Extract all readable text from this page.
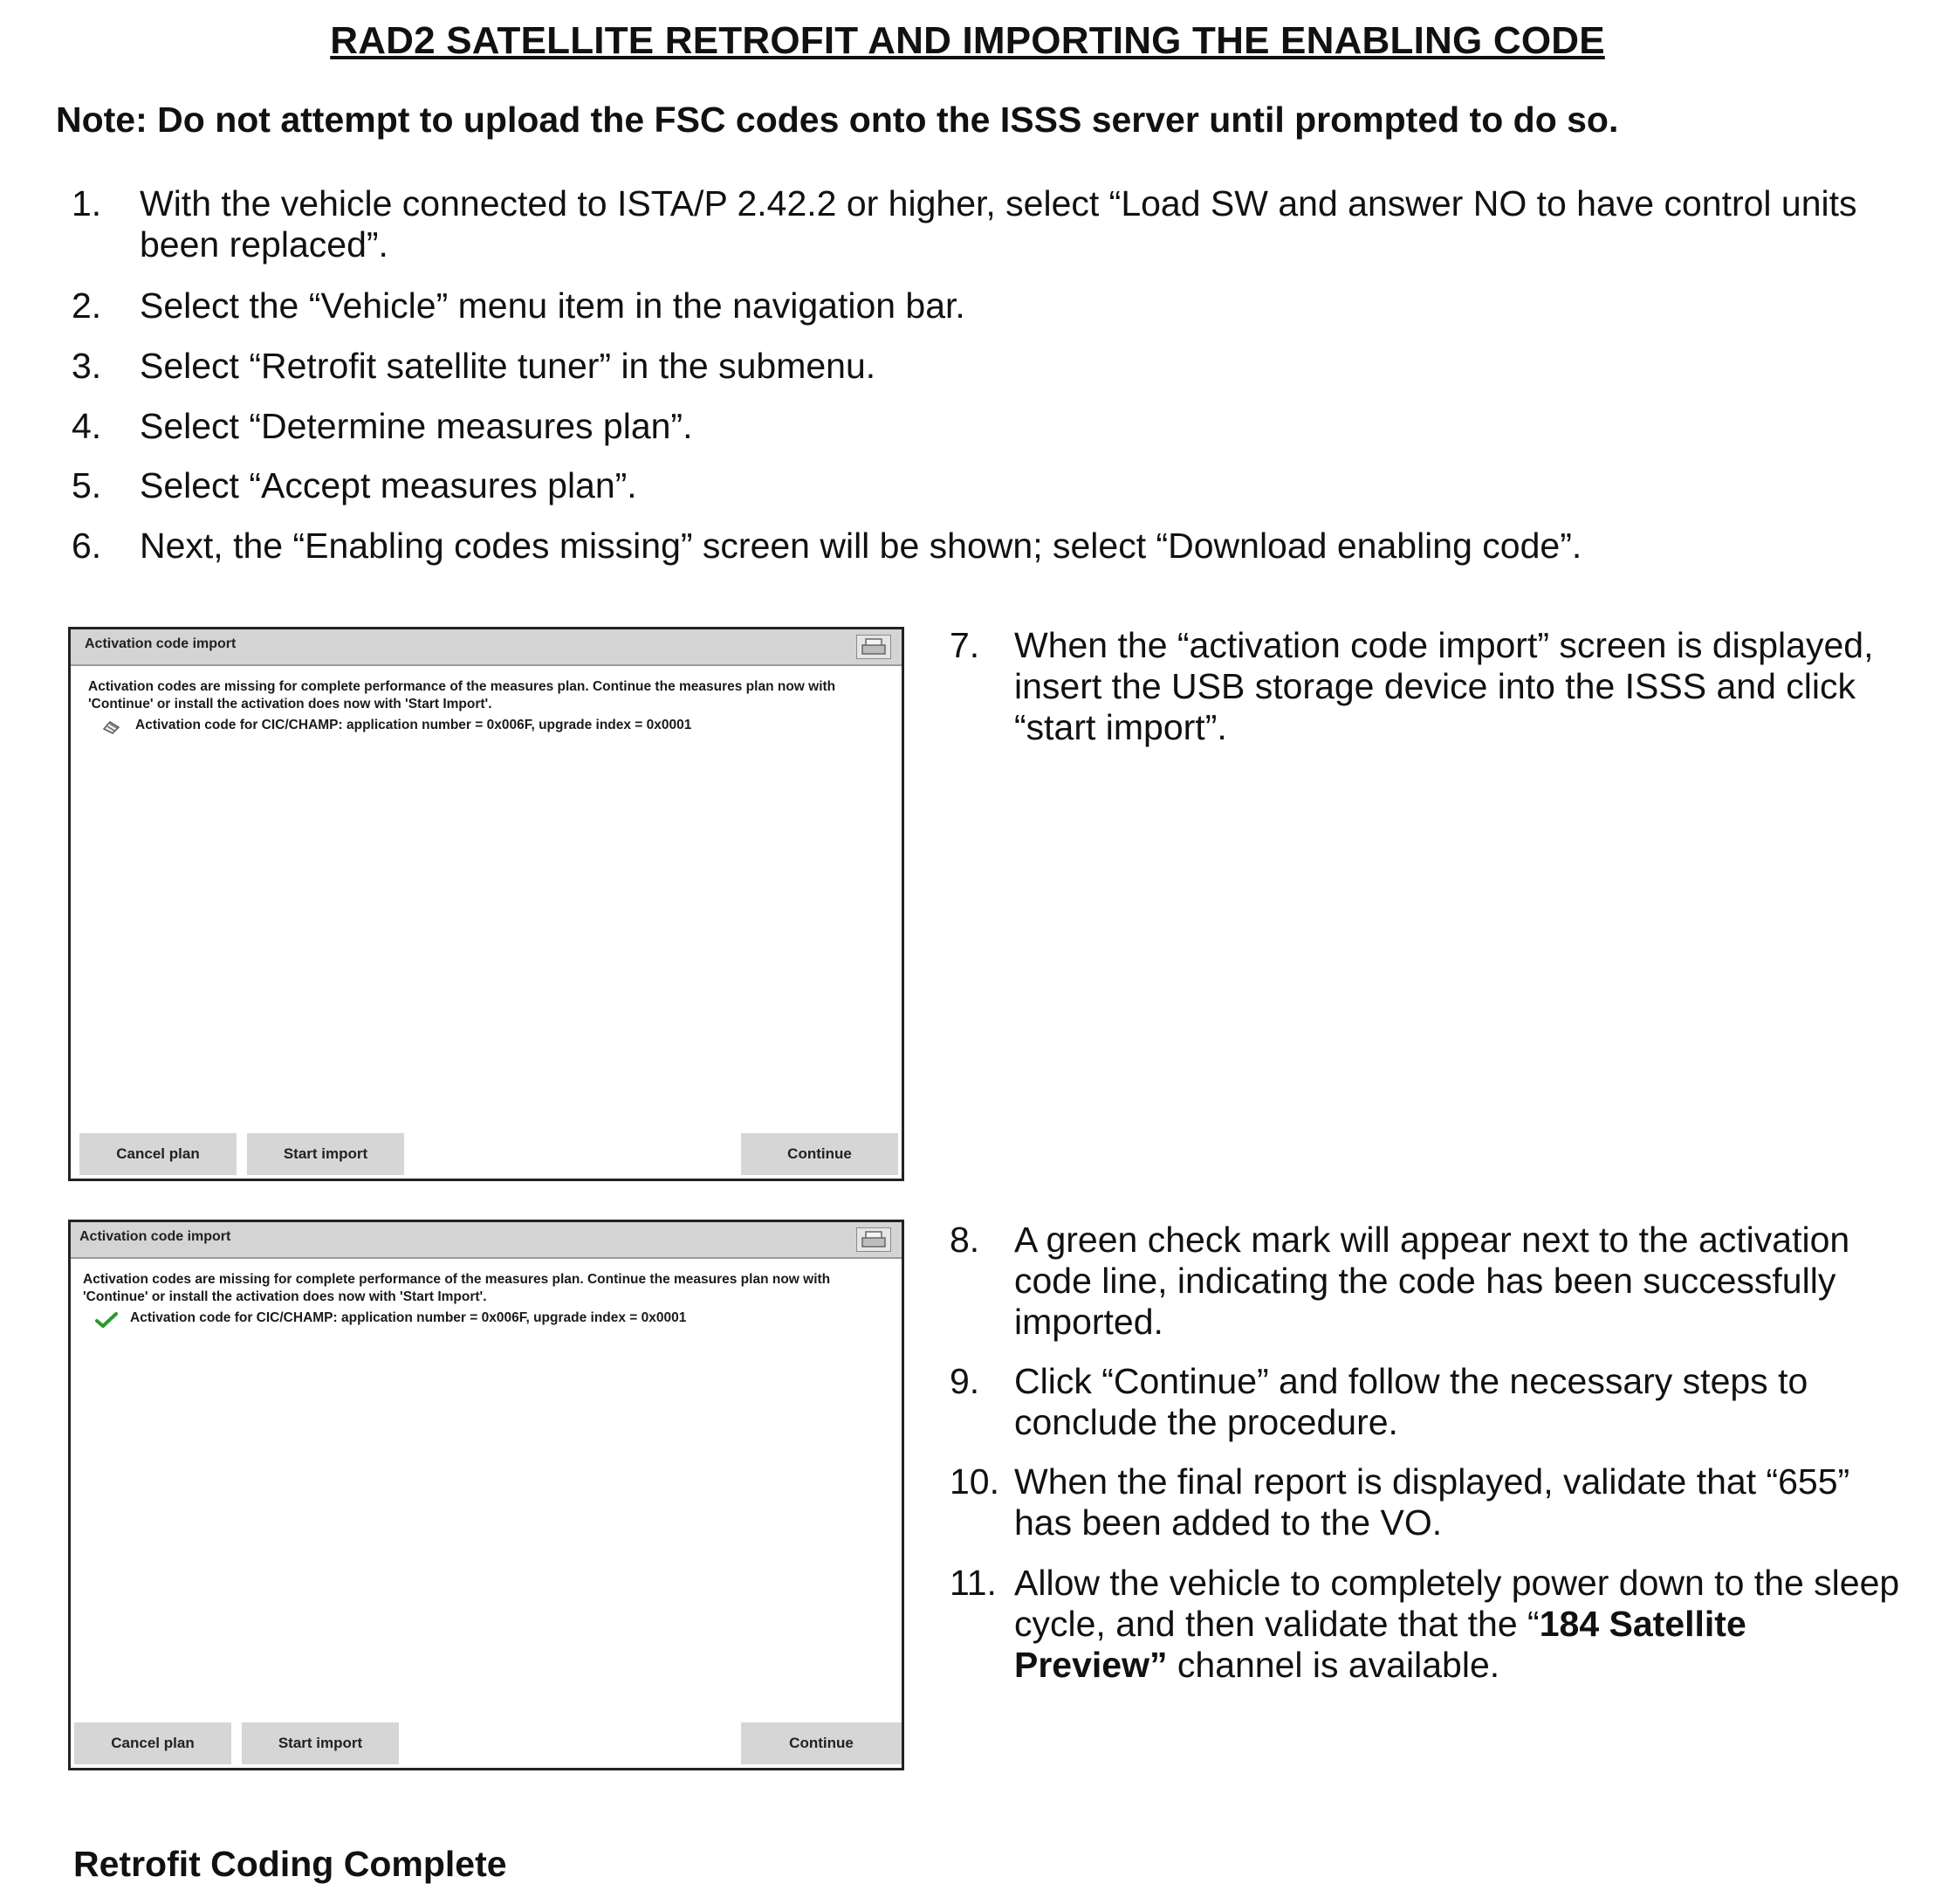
RAD2 SATELLITE RETROFIT AND IMPORTING THE ENABLING CODE
Note: Do not attempt to upload the FSC codes onto the ISSS server until prompted to do so.
1.	With the vehicle connected to ISTA/P 2.42.2 or higher, select “Load SW and answer NO to have control units been replaced”.
2.	Select the “Vehicle” menu item in the navigation bar.
3.	Select “Retrofit satellite tuner” in the submenu.
4.	Select “Determine measures plan”.
5.	Select “Accept measures plan”.
6.	Next, the “Enabling codes missing” screen will be shown; select “Download enabling code”.
Activation code import
Activation codes are missing for complete performance of the measures plan. Continue the measures plan now with 'Continue' or install the activation does now with 'Start Import'.
Activation code for CIC/CHAMP: application number = 0x006F, upgrade index = 0x0001
Cancel plan	Start import	Continue
Activation code import
Activation codes are missing for complete performance of the measures plan. Continue the measures plan now with 'Continue' or install the activation does now with 'Start Import'.
Activation code for CIC/CHAMP: application number = 0x006F, upgrade index = 0x0001
Cancel plan	Start import	Continue
7. When the “activation code import” screen is displayed, insert the USB storage device into the ISSS and click “start import”.
8. A green check mark will appear next to the activation code line, indicating the code has been successfully imported.
9. Click “Continue” and follow the necessary steps to conclude the procedure.
10. When the final report is displayed, validate that “655” has been added to the VO.
11. Allow the vehicle to completely power down to the sleep cycle, and then validate that the “184 Satellite Preview” channel is available.
Retrofit Coding Complete
